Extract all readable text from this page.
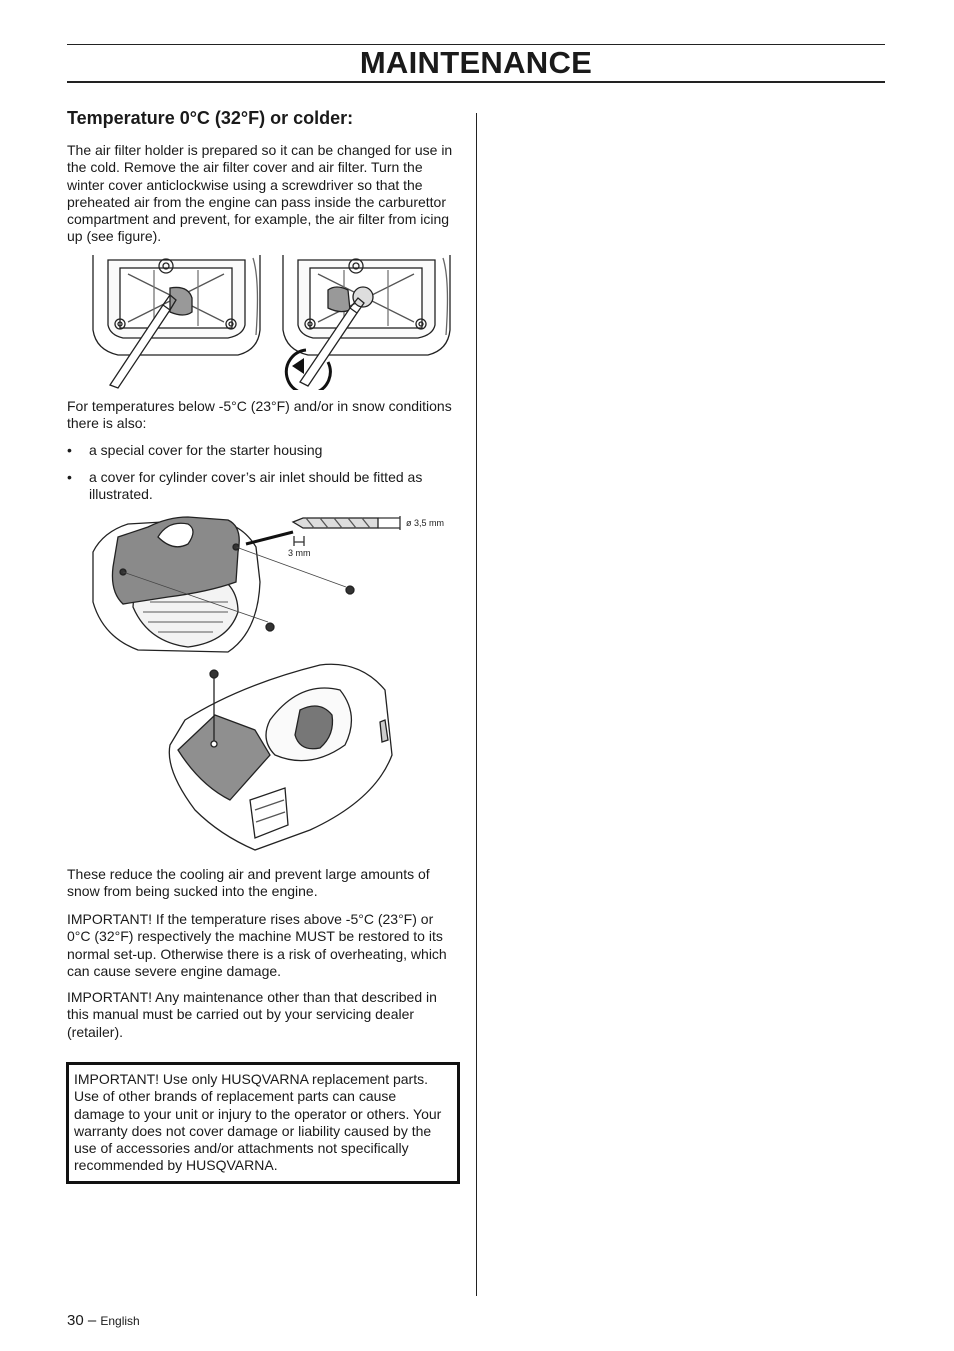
MAINTENANCE
Temperature 0°C (32°F) or colder:

The air filter holder is prepared so it can be changed for use in the cold. Remove the air filter cover and air filter. Turn the winter cover anticlockwise using a screwdriver so that the preheated air from the engine can pass inside the carburettor compartment and prevent, for example, the air filter from icing up (see figure).

For temperatures below -5°C (23°F) and/or in snow conditions there is also:

• a special cover for the starter housing
• a cover for cylinder cover’s air inlet should be fitted as illustrated.
ø 3,5 mm
3 mm

These reduce the cooling air and prevent large amounts of snow from being sucked into the engine.

IMPORTANT! If the temperature rises above -5°C (23°F) or 0°C (32°F) respectively the machine MUST be restored to its normal set-up. Otherwise there is a risk of overheating, which can cause severe engine damage.

IMPORTANT! Any maintenance other than that described in this manual must be carried out by your servicing dealer (retailer).

IMPORTANT! Use only HUSQVARNA replacement parts. Use of other brands of replacement parts can cause damage to your unit or injury to the operator or others. Your warranty does not cover damage or liability caused by the use of accessories and/or attachments not specifically recommended by HUSQVARNA.

30 – English
